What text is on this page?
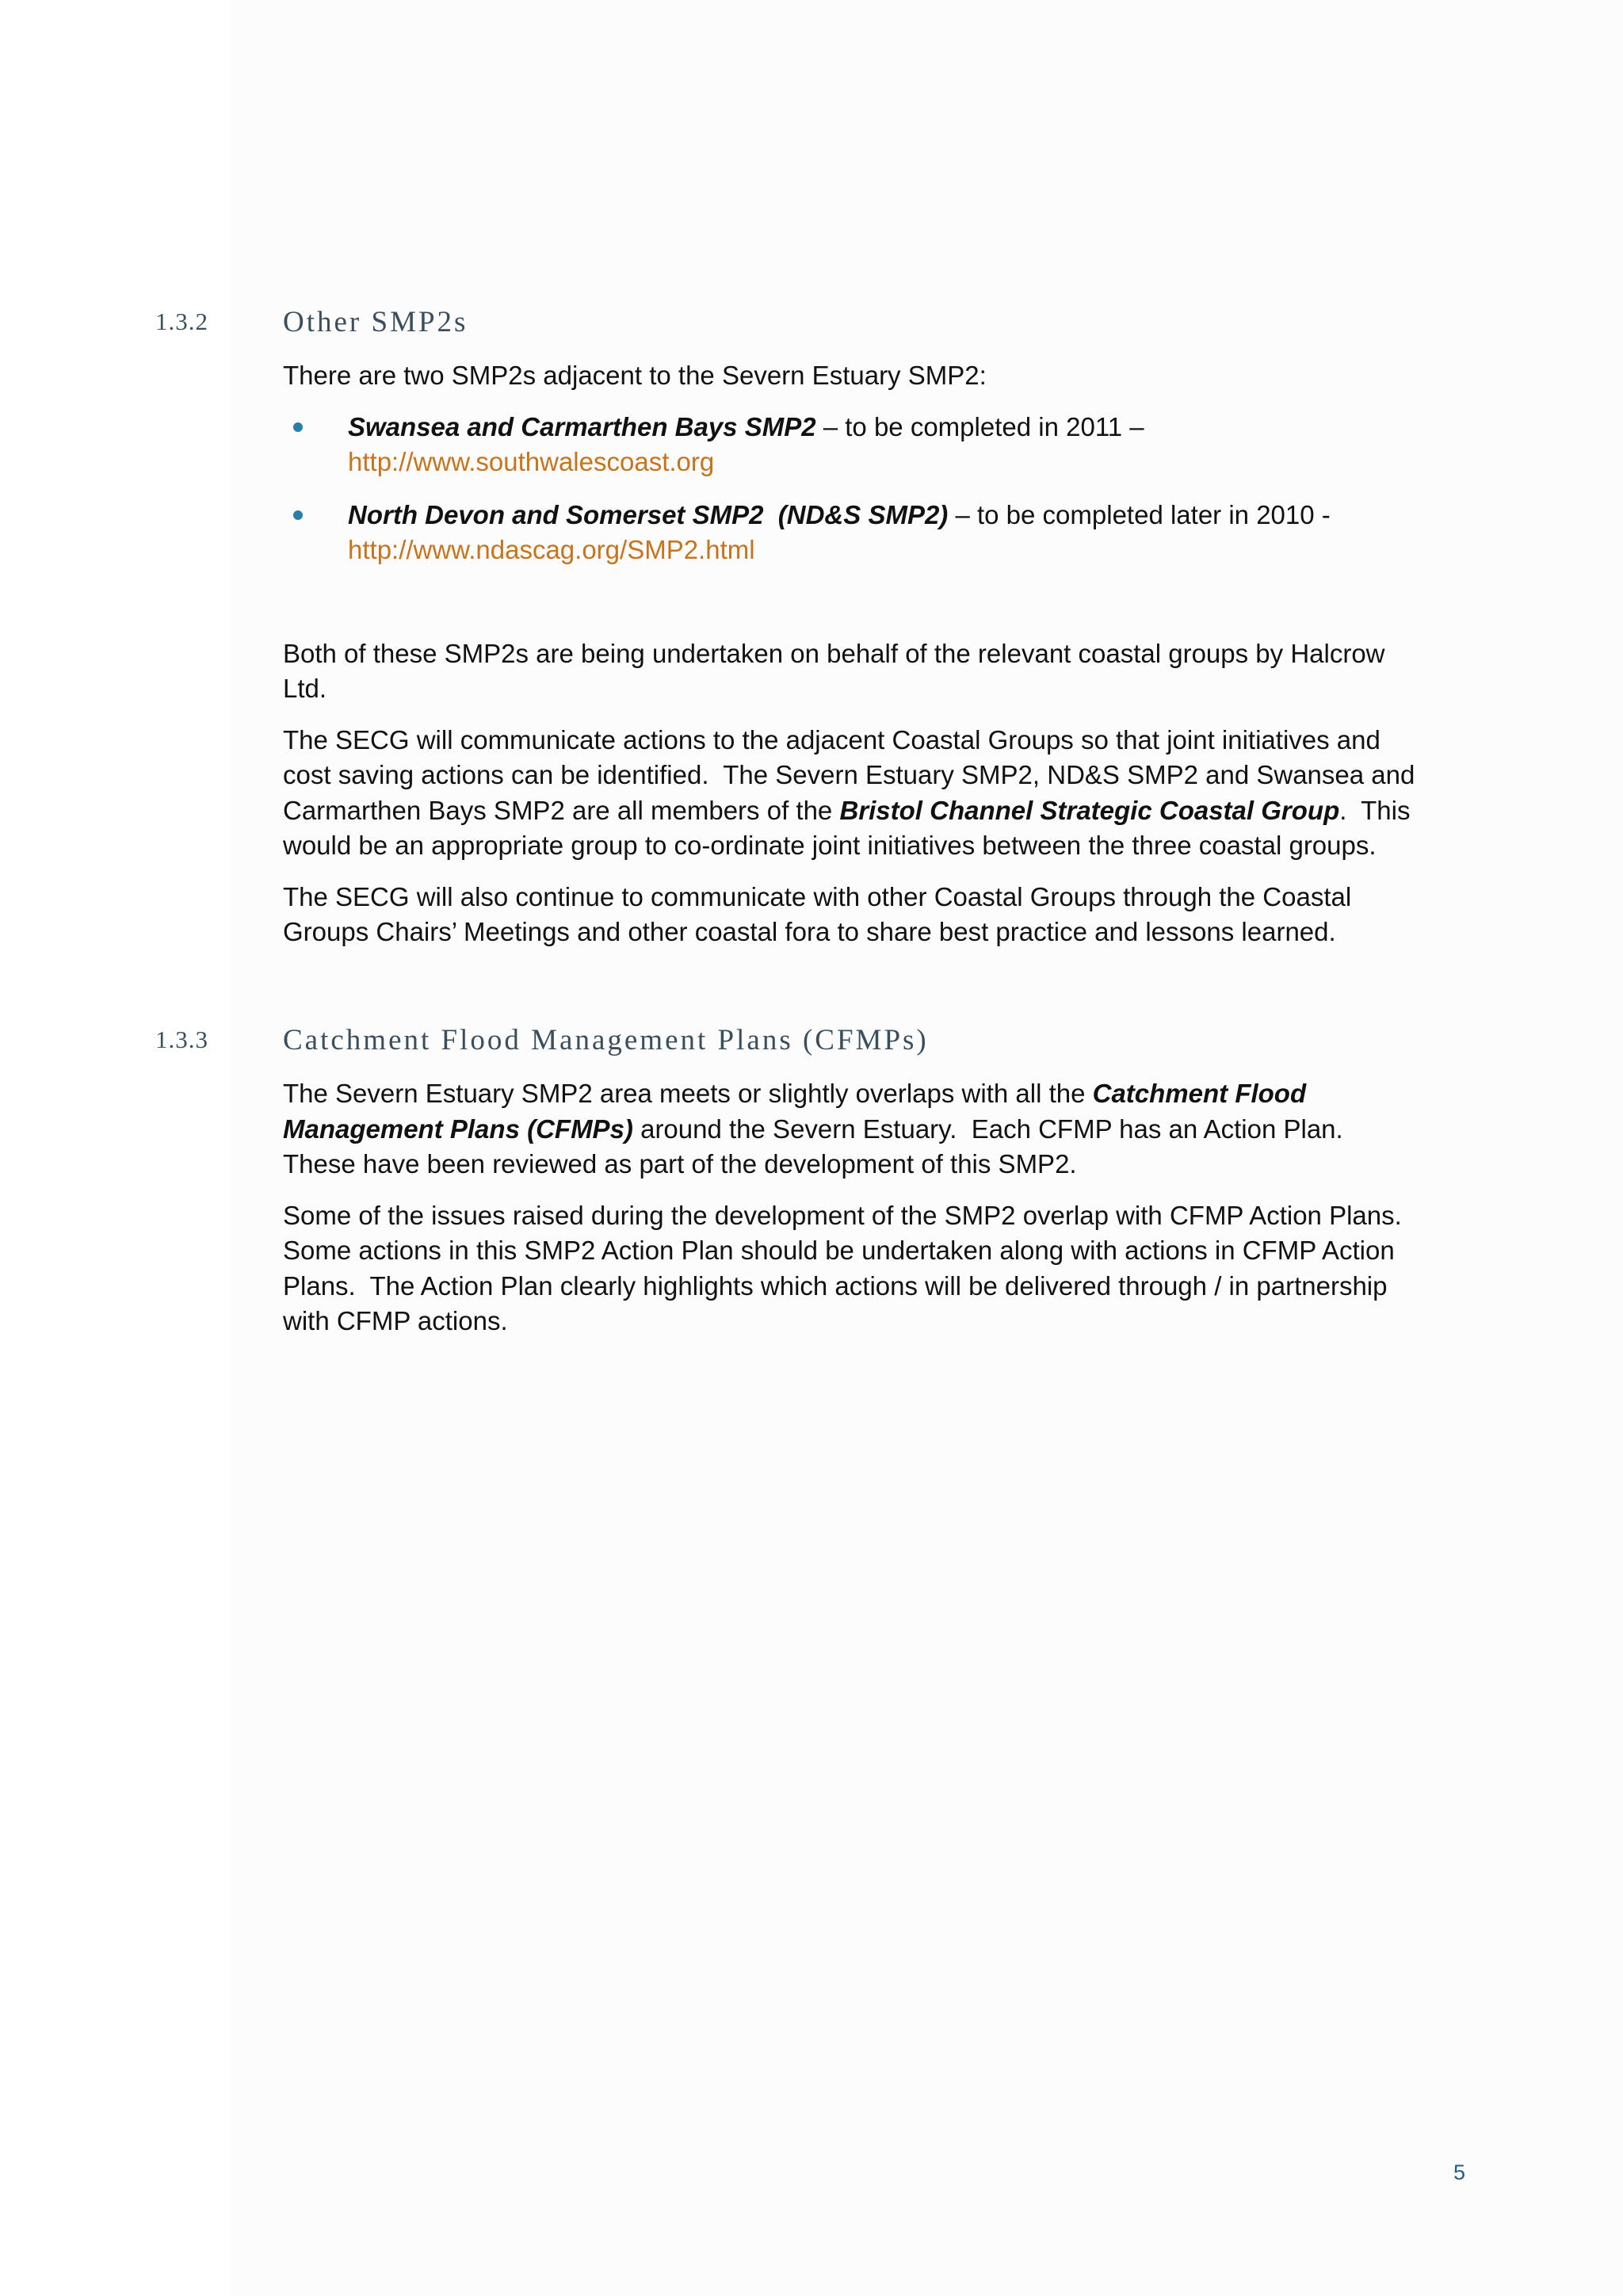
1.3.2	Other SMP2s

There are two SMP2s adjacent to the Severn Estuary SMP2:

Swansea and Carmarthen Bays SMP2 – to be completed in 2011 –
http://www.southwalescoast.org
North Devon and Somerset SMP2  (ND&S SMP2) – to be completed later in 2010 -
http://www.ndascag.org/SMP2.html

Both of these SMP2s are being undertaken on behalf of the relevant coastal groups by Halcrow
Ltd.

The SECG will communicate actions to the adjacent Coastal Groups so that joint initiatives and
cost saving actions can be identified.  The Severn Estuary SMP2, ND&S SMP2 and Swansea and
Carmarthen Bays SMP2 are all members of the Bristol Channel Strategic Coastal Group.  This
would be an appropriate group to co-ordinate joint initiatives between the three coastal groups.

The SECG will also continue to communicate with other Coastal Groups through the Coastal
Groups Chairs’ Meetings and other coastal fora to share best practice and lessons learned.

1.3.3	Catchment Flood Management Plans (CFMPs)

The Severn Estuary SMP2 area meets or slightly overlaps with all the Catchment Flood
Management Plans (CFMPs) around the Severn Estuary.  Each CFMP has an Action Plan.
These have been reviewed as part of the development of this SMP2.

Some of the issues raised during the development of the SMP2 overlap with CFMP Action Plans.
Some actions in this SMP2 Action Plan should be undertaken along with actions in CFMP Action
Plans.  The Action Plan clearly highlights which actions will be delivered through / in partnership
with CFMP actions.

5
